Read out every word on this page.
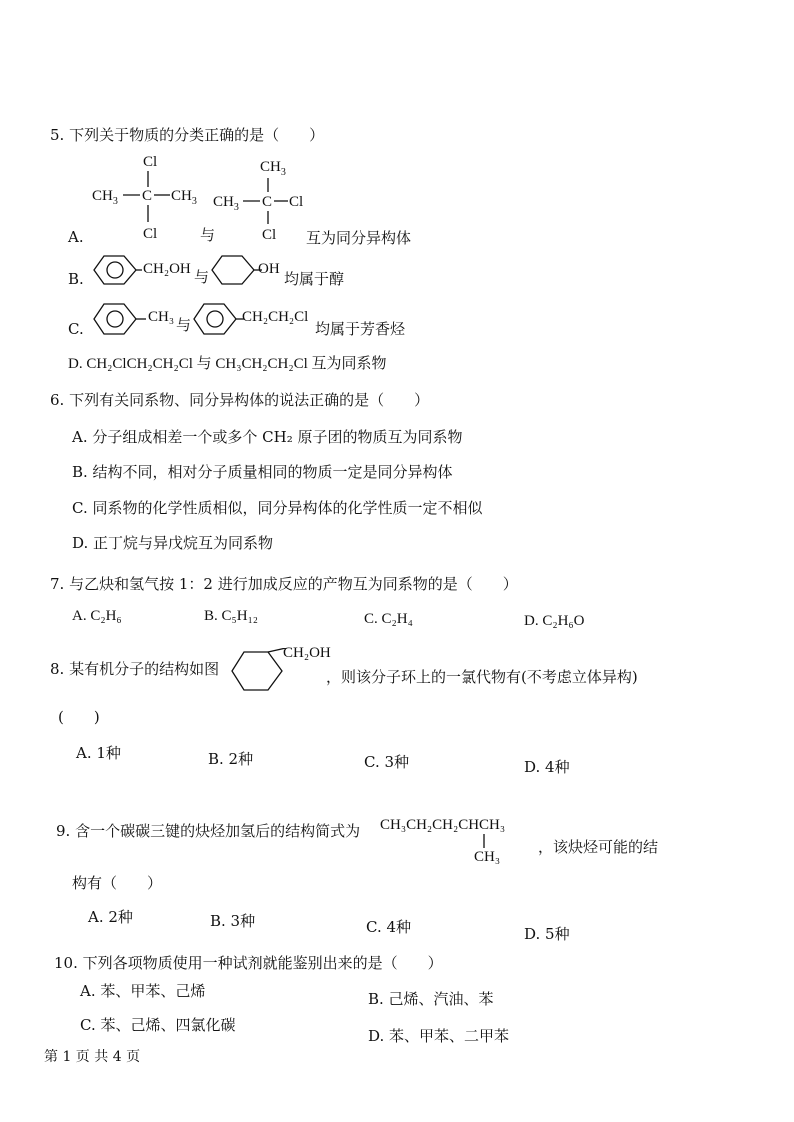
5. 下列关于物质的分类正确的是（　　）
Cl
$CH_3$ C $CH_3$
Cl
$CH_3$
$CH_3$ C Cl
Cl
A.	与	互为同分异构体
B.
CH₂OH 与	OH
均属于醇
C.
CH₃ 与	CH₂CH₂Cl
均属于芳香烃
D. CH₂ClCH₂CH₂Cl 与 CH₃CH₂CH₂Cl 互为同系物
6. 下列有关同系物、同分异构体的说法正确的是（　　）
A. 分子组成相差一个或多个 CH₂ 原子团的物质互为同系物
B. 结构不同，相对分子质量相同的物质一定是同分异构体
C. 同系物的化学性质相似，同分异构体的化学性质一定不相似
D. 正丁烷与异戊烷互为同系物
7. 与乙炔和氢气按 1：2 进行加成反应的产物互为同系物的是（　　）
A. C₂H₆	B. C₅H₁₂	C. C₂H₄	D. C₂H₆O
8. 某有机分子的结构如图
CH₂OH
，则该分子环上的一氯代物有(不考虑立体异构)
(　　)
A. 1种	B. 2种	C. 3种	D. 4种
9. 含一个碳碳三键的炔烃加氢后的结构简式为 CH₃CH₂CH₂CHCH₃
CH₃
，该炔烃可能的结
构有（　　）
A. 2种	B. 3种	C. 4种	D. 5种
10. 下列各项物质使用一种试剂就能鉴别出来的是（　　）
A. 苯、甲苯、己烯	B. 己烯、汽油、苯
C. 苯、己烯、四氯化碳
D. 苯、甲苯、二甲苯
第 1 页 共 4 页
